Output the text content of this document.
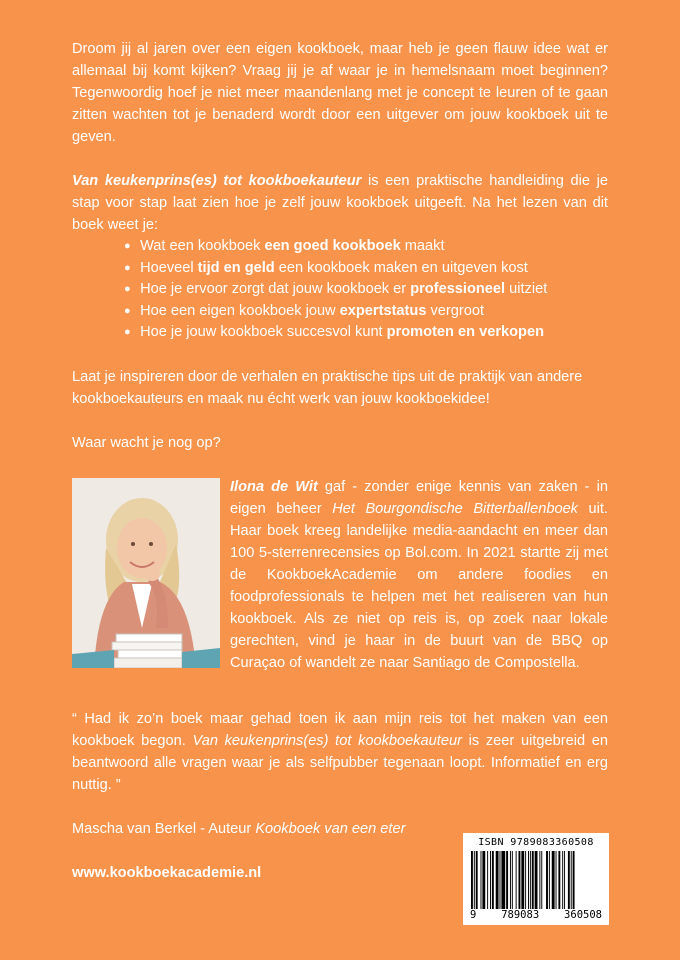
Droom jij al jaren over een eigen kookboek, maar heb je geen flauw idee wat er allemaal bij komt kijken? Vraag jij je af waar je in hemelsnaam moet beginnen? Tegenwoordig hoef je niet meer maandenlang met je concept te leuren of te gaan zitten wachten tot je benaderd wordt door een uitgever om jouw kookboek uit te geven.

Van keukenprins(es) tot kookboekauteur is een praktische handleiding die je stap voor stap laat zien hoe je zelf jouw kookboek uitgeeft. Na het lezen van dit boek weet je:

● Wat een kookboek een goed kookboek maakt
● Hoeveel tijd en geld een kookboek maken en uitgeven kost
● Hoe je ervoor zorgt dat jouw kookboek er professioneel uitziet
● Hoe een eigen kookboek jouw expertstatus vergroot
● Hoe je jouw kookboek succesvol kunt promoten en verkopen

Laat je inspireren door de verhalen en praktische tips uit de praktijk van andere kookboekauteurs en maak nu écht werk van jouw kookboekidee!

Waar wacht je nog op?

Ilona de Wit gaf - zonder enige kennis van zaken - in eigen beheer Het Bourgondische Bitterballenboek uit. Haar boek kreeg landelijke media-aandacht en meer dan 100 5-sterrenrecensies op Bol.com. In 2021 startte zij met de KookboekAcademie om andere foodies en foodprofessionals te helpen met het realiseren van hun kookboek. Als ze niet op reis is, op zoek naar lokale gerechten, vind je haar in de buurt van de BBQ op Curaçao of wandelt ze naar Santiago de Compostella.

“ Had ik zo’n boek maar gehad toen ik aan mijn reis tot het maken van een kookboek begon. Van keukenprins(es) tot kookboekauteur is zeer uitgebreid en beantwoord alle vragen waar je als selfpubber tegenaan loopt. Informatief en erg nuttig. ”

Mascha van Berkel - Auteur Kookboek van een eter

www.kookboekacademie.nl

ISBN 9789083360508
9 789083 360508
